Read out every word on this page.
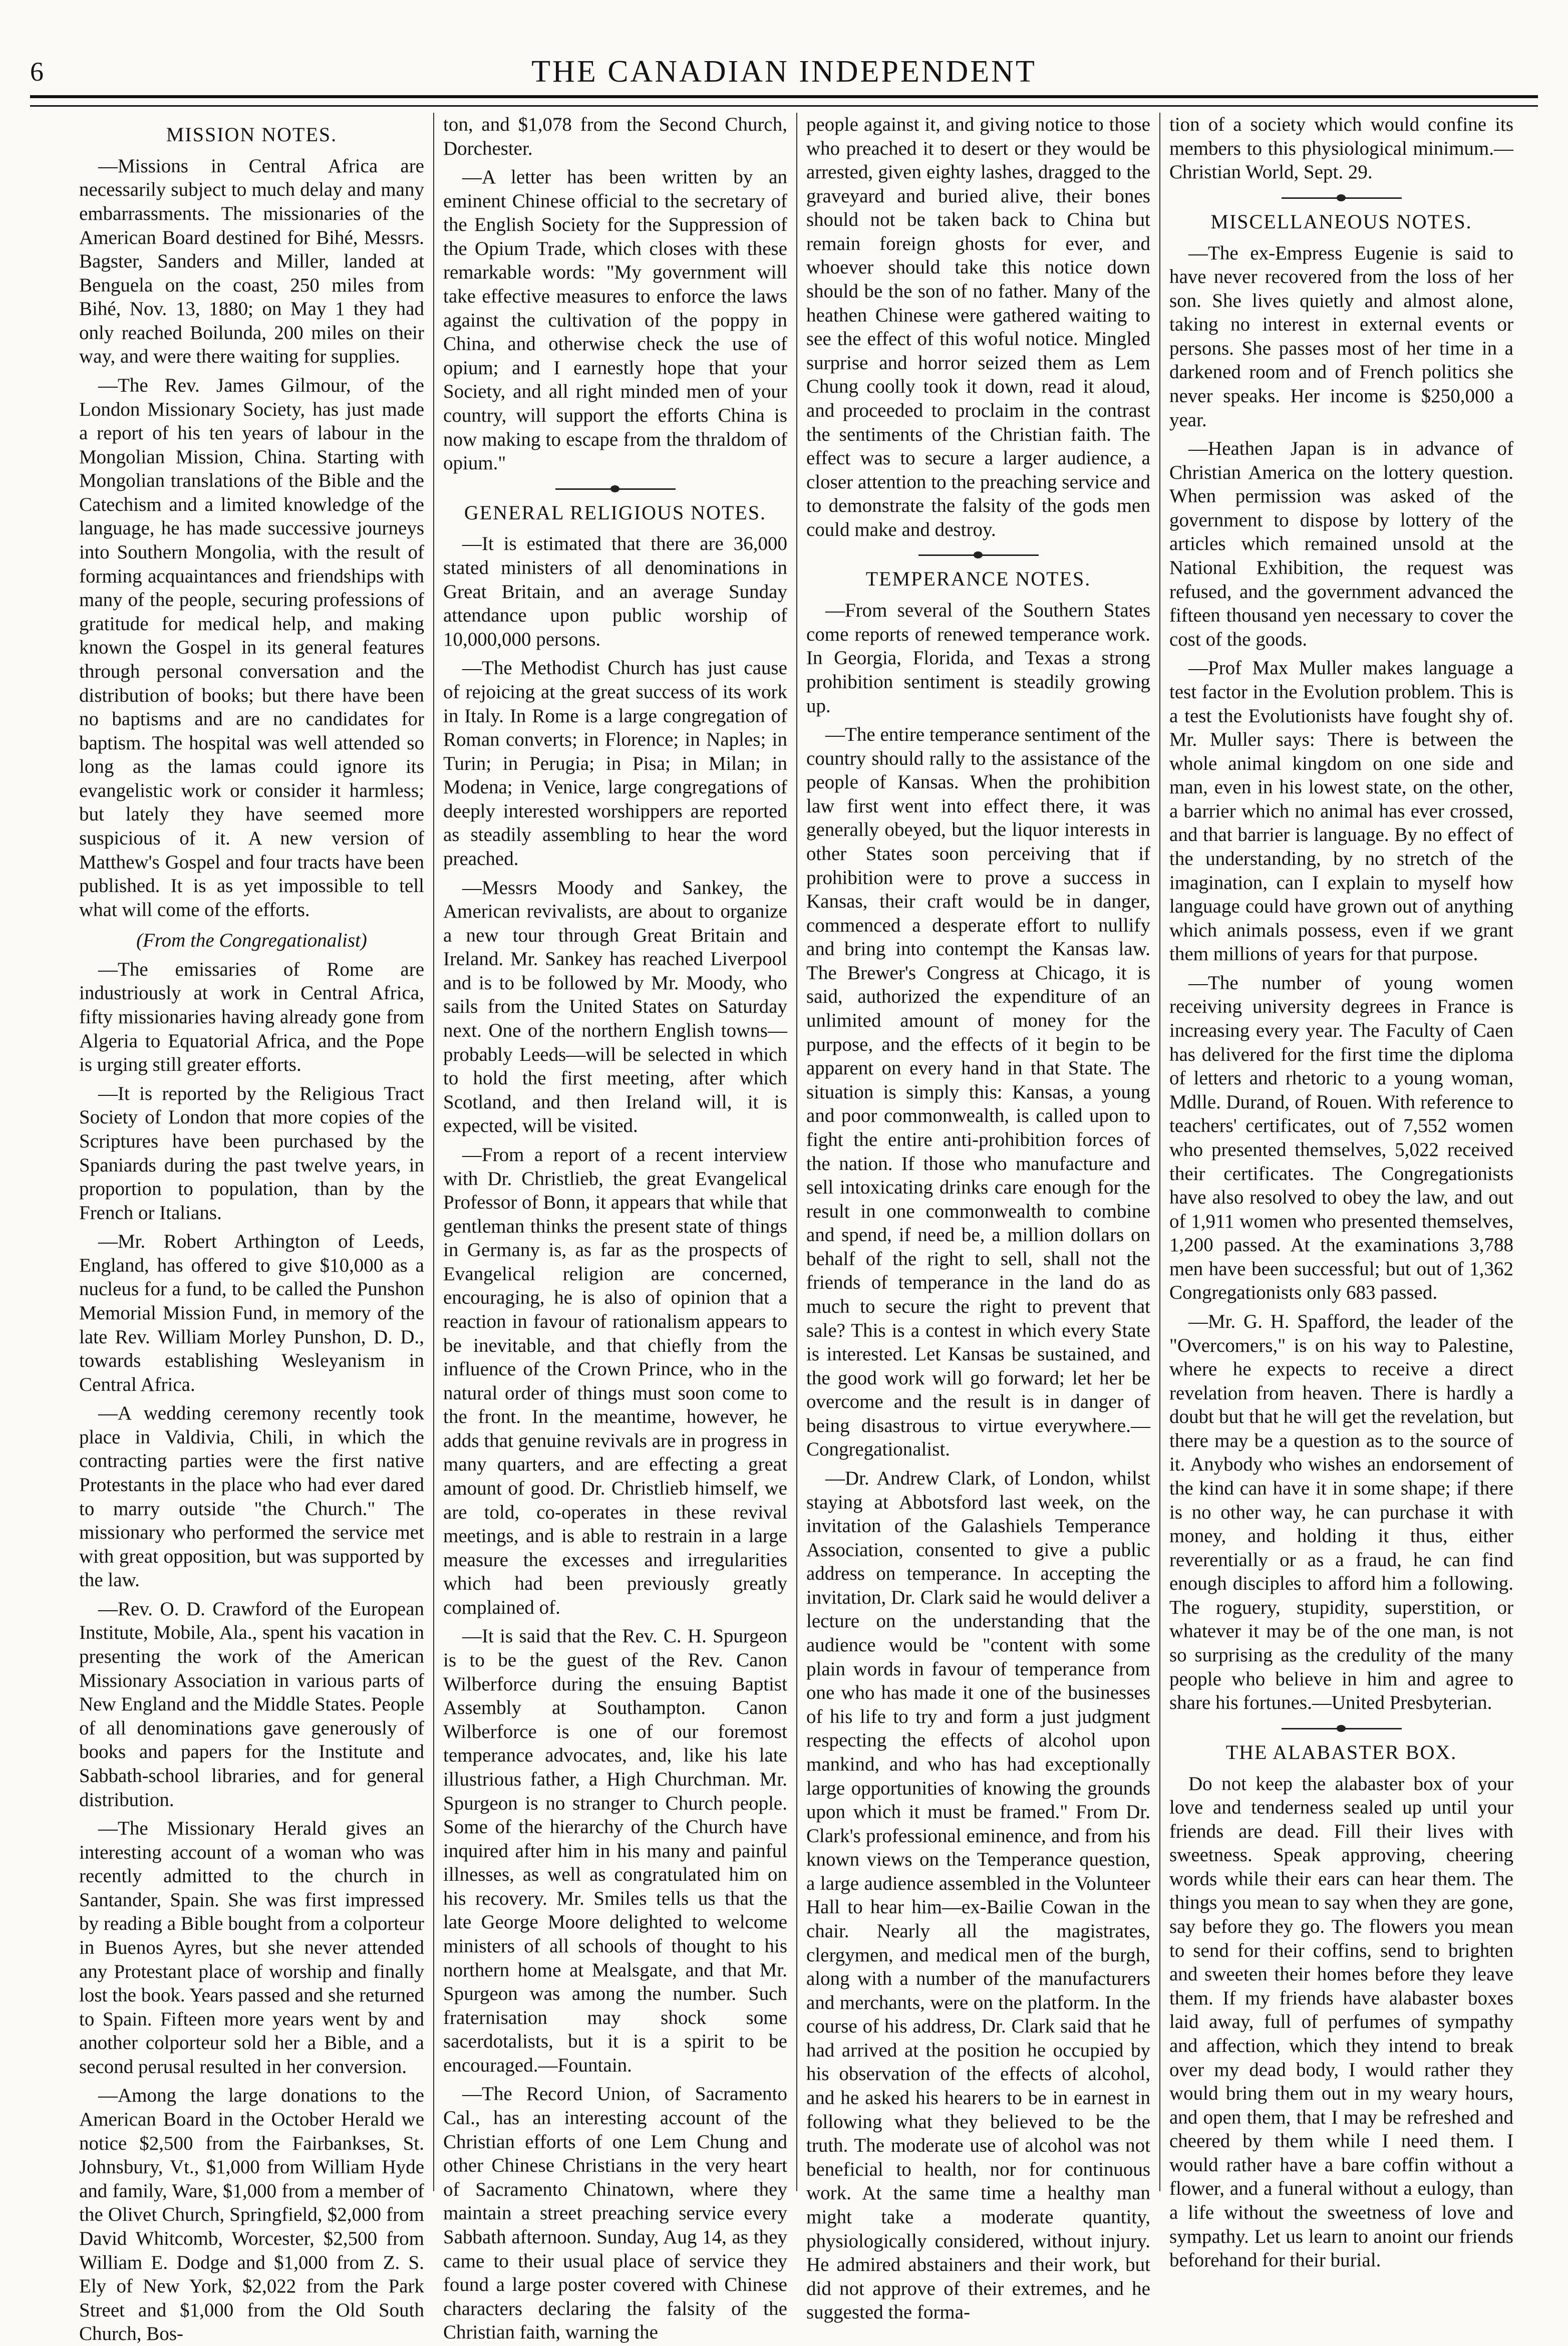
6	THE CANADIAN INDEPENDENT
MISSION NOTES.

—Missions in Central Africa are necessarily subject to much delay and many embarrassments. The missionaries of the American Board destined for Bihé, Messrs. Bagster, Sanders and Miller, landed at Benguela on the coast, 250 miles from Bihé, Nov. 13, 1880; on May 1 they had only reached Boilunda, 200 miles on their way, and were there waiting for supplies.

—The Rev. James Gilmour, of the London Missionary Society, has just made a report of his ten years of labour in the Mongolian Mission, China. Starting with Mongolian translations of the Bible and the Catechism and a limited knowledge of the language, he has made successive journeys into Southern Mongolia, with the result of forming acquaintances and friendships with many of the people, securing professions of gratitude for medical help, and making known the Gospel in its general features through personal conversation and the distribution of books; but there have been no baptisms and are no candidates for baptism. The hospital was well attended so long as the lamas could ignore its evangelistic work or consider it harmless; but lately they have seemed more suspicious of it. A new version of Matthew's Gospel and four tracts have been published. It is as yet impossible to tell what will come of the efforts.

(From the Congregationalist)

—The emissaries of Rome are industriously at work in Central Africa, fifty missionaries having already gone from Algeria to Equatorial Africa, and the Pope is urging still greater efforts.

—It is reported by the Religious Tract Society of London that more copies of the Scriptures have been purchased by the Spaniards during the past twelve years, in proportion to population, than by the French or Italians.

—Mr. Robert Arthington of Leeds, England, has offered to give $10,000 as a nucleus for a fund, to be called the Punshon Memorial Mission Fund, in memory of the late Rev. William Morley Punshon, D. D., towards establishing Wesleyanism in Central Africa.

—A wedding ceremony recently took place in Valdivia, Chili, in which the contracting parties were the first native Protestants in the place who had ever dared to marry outside "the Church." The missionary who performed the service met with great opposition, but was supported by the law.

—Rev. O. D. Crawford of the European Institute, Mobile, Ala., spent his vacation in presenting the work of the American Missionary Association in various parts of New England and the Middle States. People of all denominations gave generously of books and papers for the Institute and Sabbath-school libraries, and for general distribution.

—The Missionary Herald gives an interesting account of a woman who was recently admitted to the church in Santander, Spain. She was first impressed by reading a Bible bought from a colporteur in Buenos Ayres, but she never attended any Protestant place of worship and finally lost the book. Years passed and she returned to Spain. Fifteen more years went by and another colporteur sold her a Bible, and a second perusal resulted in her conversion.

—Among the large donations to the American Board in the October Herald we notice $2,500 from the Fairbankses, St. Johnsbury, Vt., $1,000 from William Hyde and family, Ware, $1,000 from a member of the Olivet Church, Springfield, $2,000 from David Whitcomb, Worcester, $2,500 from William E. Dodge and $1,000 from Z. S. Ely of New York, $2,022 from the Park Street and $1,000 from the Old South Church, Bos-

ton, and $1,078 from the Second Church, Dorchester.

—A letter has been written by an eminent Chinese official to the secretary of the English Society for the Suppression of the Opium Trade, which closes with these remarkable words: "My government will take effective measures to enforce the laws against the cultivation of the poppy in China, and otherwise check the use of opium; and I earnestly hope that your Society, and all right minded men of your country, will support the efforts China is now making to escape from the thraldom of opium."

GENERAL RELIGIOUS NOTES.

—It is estimated that there are 36,000 stated ministers of all denominations in Great Britain, and an average Sunday attendance upon public worship of 10,000,000 persons.

—The Methodist Church has just cause of rejoicing at the great success of its work in Italy. In Rome is a large congregation of Roman converts; in Florence; in Naples; in Turin; in Perugia; in Pisa; in Milan; in Modena; in Venice, large congregations of deeply interested worshippers are reported as steadily assembling to hear the word preached.

—Messrs Moody and Sankey, the American revivalists, are about to organize a new tour through Great Britain and Ireland. Mr. Sankey has reached Liverpool and is to be followed by Mr. Moody, who sails from the United States on Saturday next. One of the northern English towns—probably Leeds—will be selected in which to hold the first meeting, after which Scotland, and then Ireland will, it is expected, will be visited.

—From a report of a recent interview with Dr. Christlieb, the great Evangelical Professor of Bonn, it appears that while that gentleman thinks the present state of things in Germany is, as far as the prospects of Evangelical religion are concerned, encouraging, he is also of opinion that a reaction in favour of rationalism appears to be inevitable, and that chiefly from the influence of the Crown Prince, who in the natural order of things must soon come to the front. In the meantime, however, he adds that genuine revivals are in progress in many quarters, and are effecting a great amount of good. Dr. Christlieb himself, we are told, co-operates in these revival meetings, and is able to restrain in a large measure the excesses and irregularities which had been previously greatly complained of.

—It is said that the Rev. C. H. Spurgeon is to be the guest of the Rev. Canon Wilberforce during the ensuing Baptist Assembly at Southampton. Canon Wilberforce is one of our foremost temperance advocates, and, like his late illustrious father, a High Churchman. Mr. Spurgeon is no stranger to Church people. Some of the hierarchy of the Church have inquired after him in his many and painful illnesses, as well as congratulated him on his recovery. Mr. Smiles tells us that the late George Moore delighted to welcome ministers of all schools of thought to his northern home at Mealsgate, and that Mr. Spurgeon was among the number. Such fraternisation may shock some sacerdotalists, but it is a spirit to be encouraged.—Fountain.

—The Record Union, of Sacramento Cal., has an interesting account of the Christian efforts of one Lem Chung and other Chinese Christians in the very heart of Sacramento Chinatown, where they maintain a street preaching service every Sabbath afternoon. Sunday, Aug 14, as they came to their usual place of service they found a large poster covered with Chinese characters declaring the falsity of the Christian faith, warning the

people against it, and giving notice to those who preached it to desert or they would be arrested, given eighty lashes, dragged to the graveyard and buried alive, their bones should not be taken back to China but remain foreign ghosts for ever, and whoever should take this notice down should be the son of no father. Many of the heathen Chinese were gathered waiting to see the effect of this woful notice. Mingled surprise and horror seized them as Lem Chung coolly took it down, read it aloud, and proceeded to proclaim in the contrast the sentiments of the Christian faith. The effect was to secure a larger audience, a closer attention to the preaching service and to demonstrate the falsity of the gods men could make and destroy.

TEMPERANCE NOTES.

—From several of the Southern States come reports of renewed temperance work. In Georgia, Florida, and Texas a strong prohibition sentiment is steadily growing up.

—The entire temperance sentiment of the country should rally to the assistance of the people of Kansas. When the prohibition law first went into effect there, it was generally obeyed, but the liquor interests in other States soon perceiving that if prohibition were to prove a success in Kansas, their craft would be in danger, commenced a desperate effort to nullify and bring into contempt the Kansas law. The Brewer's Congress at Chicago, it is said, authorized the expenditure of an unlimited amount of money for the purpose, and the effects of it begin to be apparent on every hand in that State. The situation is simply this: Kansas, a young and poor commonwealth, is called upon to fight the entire anti-prohibition forces of the nation. If those who manufacture and sell intoxicating drinks care enough for the result in one commonwealth to combine and spend, if need be, a million dollars on behalf of the right to sell, shall not the friends of temperance in the land do as much to secure the right to prevent that sale? This is a contest in which every State is interested. Let Kansas be sustained, and the good work will go forward; let her be overcome and the result is in danger of being disastrous to virtue everywhere.—Congregationalist.

—Dr. Andrew Clark, of London, whilst staying at Abbotsford last week, on the invitation of the Galashiels Temperance Association, consented to give a public address on temperance. In accepting the invitation, Dr. Clark said he would deliver a lecture on the understanding that the audience would be "content with some plain words in favour of temperance from one who has made it one of the businesses of his life to try and form a just judgment respecting the effects of alcohol upon mankind, and who has had exceptionally large opportunities of knowing the grounds upon which it must be framed." From Dr. Clark's professional eminence, and from his known views on the Temperance question, a large audience assembled in the Volunteer Hall to hear him—ex-Bailie Cowan in the chair. Nearly all the magistrates, clergymen, and medical men of the burgh, along with a number of the manufacturers and merchants, were on the platform. In the course of his address, Dr. Clark said that he had arrived at the position he occupied by his observation of the effects of alcohol, and he asked his hearers to be in earnest in following what they believed to be the truth. The moderate use of alcohol was not beneficial to health, nor for continuous work. At the same time a healthy man might take a moderate quantity, physiologically considered, without injury. He admired abstainers and their work, but did not approve of their extremes, and he suggested the forma-

tion of a society which would confine its members to this physiological minimum.—Christian World, Sept. 29.

MISCELLANEOUS NOTES.

—The ex-Empress Eugenie is said to have never recovered from the loss of her son. She lives quietly and almost alone, taking no interest in external events or persons. She passes most of her time in a darkened room and of French politics she never speaks. Her income is $250,000 a year.

—Heathen Japan is in advance of Christian America on the lottery question. When permission was asked of the government to dispose by lottery of the articles which remained unsold at the National Exhibition, the request was refused, and the government advanced the fifteen thousand yen necessary to cover the cost of the goods.

—Prof Max Muller makes language a test factor in the Evolution problem. This is a test the Evolutionists have fought shy of. Mr. Muller says: There is between the whole animal kingdom on one side and man, even in his lowest state, on the other, a barrier which no animal has ever crossed, and that barrier is language. By no effect of the understanding, by no stretch of the imagination, can I explain to myself how language could have grown out of anything which animals possess, even if we grant them millions of years for that purpose.

—The number of young women receiving university degrees in France is increasing every year. The Faculty of Caen has delivered for the first time the diploma of letters and rhetoric to a young woman, Mdlle. Durand, of Rouen. With reference to teachers' certificates, out of 7,552 women who presented themselves, 5,022 received their certificates. The Congregationists have also resolved to obey the law, and out of 1,911 women who presented themselves, 1,200 passed. At the examinations 3,788 men have been successful; but out of 1,362 Congregationists only 683 passed.

—Mr. G. H. Spafford, the leader of the "Overcomers," is on his way to Palestine, where he expects to receive a direct revelation from heaven. There is hardly a doubt but that he will get the revelation, but there may be a question as to the source of it. Anybody who wishes an endorsement of the kind can have it in some shape; if there is no other way, he can purchase it with money, and holding it thus, either reverentially or as a fraud, he can find enough disciples to afford him a following. The roguery, stupidity, superstition, or whatever it may be of the one man, is not so surprising as the credulity of the many people who believe in him and agree to share his fortunes.—United Presbyterian.

THE ALABASTER BOX.

Do not keep the alabaster box of your love and tenderness sealed up until your friends are dead. Fill their lives with sweetness. Speak approving, cheering words while their ears can hear them. The things you mean to say when they are gone, say before they go. The flowers you mean to send for their coffins, send to brighten and sweeten their homes before they leave them. If my friends have alabaster boxes laid away, full of perfumes of sympathy and affection, which they intend to break over my dead body, I would rather they would bring them out in my weary hours, and open them, that I may be refreshed and cheered by them while I need them. I would rather have a bare coffin without a flower, and a funeral without a eulogy, than a life without the sweetness of love and sympathy. Let us learn to anoint our friends beforehand for their burial.
